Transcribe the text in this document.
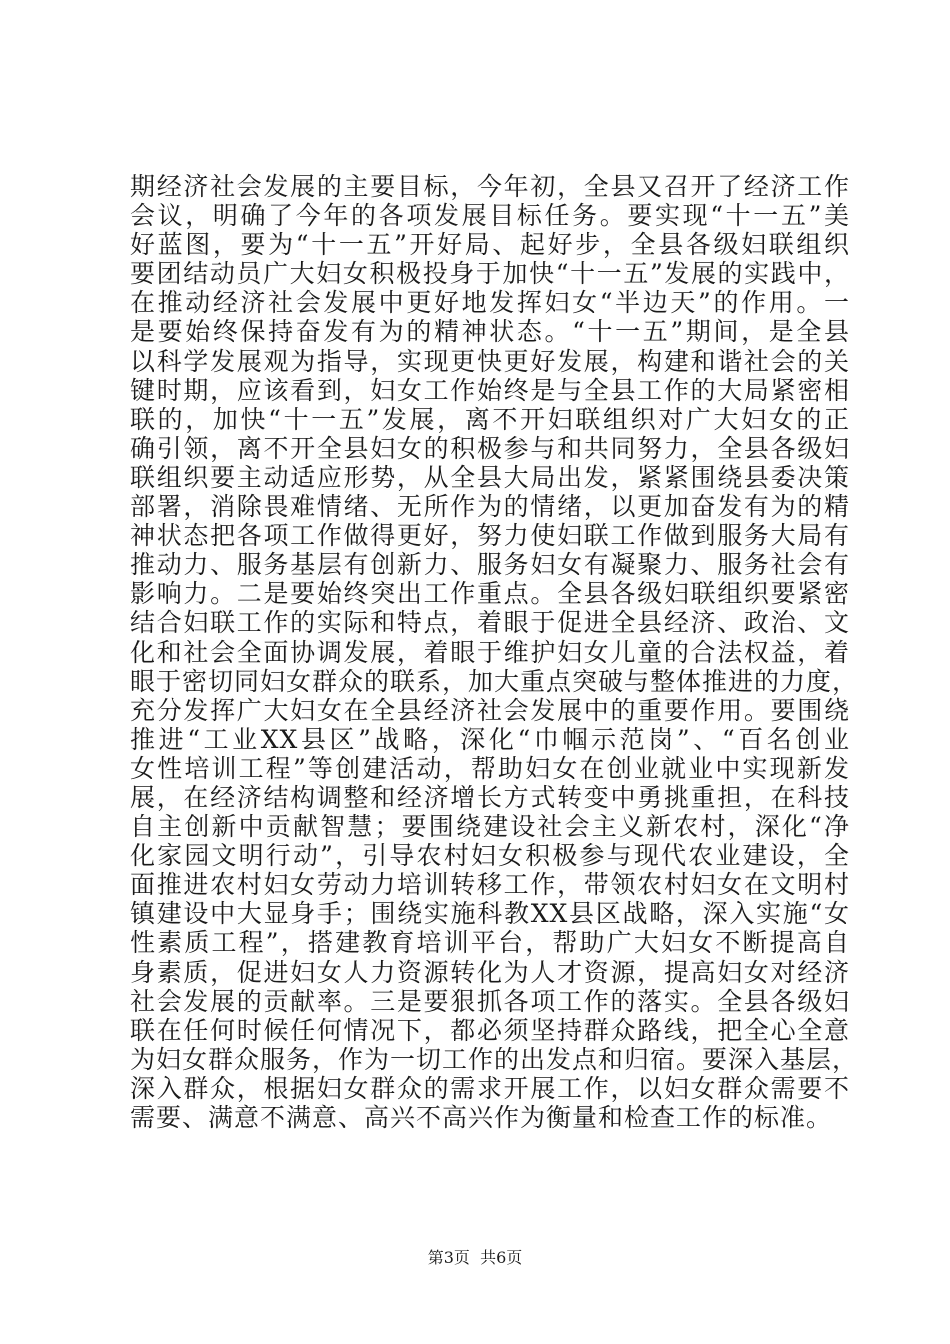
期经济社会发展的主要目标，今年初，全县又召开了经济工作
会议，明确了今年的各项发展目标任务。要实现“十一五”美
好蓝图，要为“十一五”开好局、起好步，全县各级妇联组织
要团结动员广大妇女积极投身于加快“十一五”发展的实践中，
在推动经济社会发展中更好地发挥妇女“半边天”的作用。一
是要始终保持奋发有为的精神状态。“十一五”期间，是全县
以科学发展观为指导，实现更快更好发展，构建和谐社会的关
键时期，应该看到，妇女工作始终是与全县工作的大局紧密相
联的，加快“十一五”发展，离不开妇联组织对广大妇女的正
确引领，离不开全县妇女的积极参与和共同努力，全县各级妇
联组织要主动适应形势，从全县大局出发，紧紧围绕县委决策
部署，消除畏难情绪、无所作为的情绪，以更加奋发有为的精
神状态把各项工作做得更好，努力使妇联工作做到服务大局有
推动力、服务基层有创新力、服务妇女有凝聚力、服务社会有
影响力。二是要始终突出工作重点。全县各级妇联组织要紧密
结合妇联工作的实际和特点，着眼于促进全县经济、政治、文
化和社会全面协调发展，着眼于维护妇女儿童的合法权益，着
眼于密切同妇女群众的联系，加大重点突破与整体推进的力度，
充分发挥广大妇女在全县经济社会发展中的重要作用。要围绕
推进“工业XX县区”战略，深化“巾帼示范岗”、“百名创业
女性培训工程”等创建活动，帮助妇女在创业就业中实现新发
展，在经济结构调整和经济增长方式转变中勇挑重担，在科技
自主创新中贡献智慧；要围绕建设社会主义新农村，深化“净
化家园文明行动”，引导农村妇女积极参与现代农业建设，全
面推进农村妇女劳动力培训转移工作，带领农村妇女在文明村
镇建设中大显身手；围绕实施科教XX县区战略，深入实施“女
性素质工程”，搭建教育培训平台，帮助广大妇女不断提高自
身素质，促进妇女人力资源转化为人才资源，提高妇女对经济
社会发展的贡献率。三是要狠抓各项工作的落实。全县各级妇
联在任何时候任何情况下，都必须坚持群众路线，把全心全意
为妇女群众服务，作为一切工作的出发点和归宿。要深入基层，
深入群众，根据妇女群众的需求开展工作，以妇女群众需要不
需要、满意不满意、高兴不高兴作为衡量和检查工作的标准。

第3页  共6页
